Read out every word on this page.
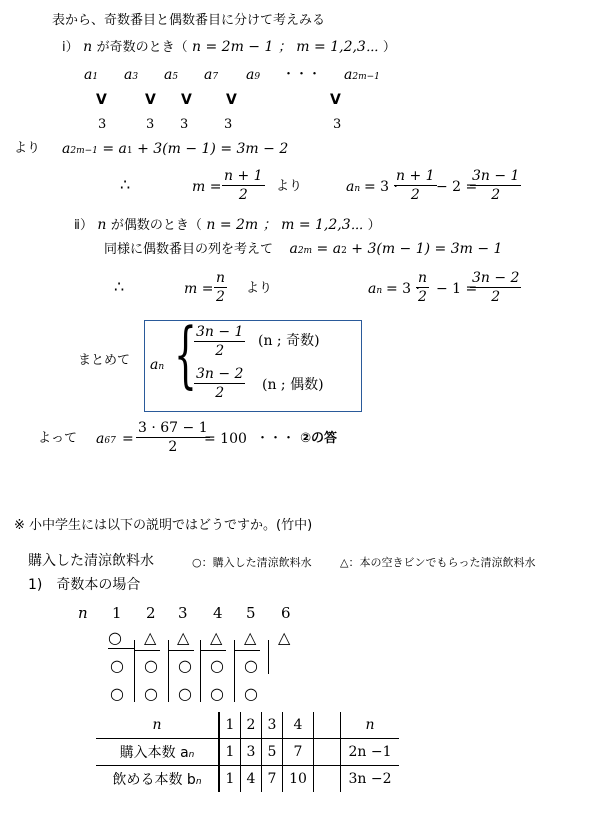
表から、奇数番目と偶数番目に分けて考えみる
ⅰ） n が奇数のとき（ n = 2m − 1 ； m = 1,2,3⋯ ）
a1 a3 a5 a7 a9 ・・・ a2m−1
V	V V V	V
3	3 3	3	3
より a2m−1 = a1 + 3(m − 1) = 3m − 2
∴	$m = \frac{n + 1}{2}$ より	an = 3 ·
$\frac{n + 1}{2} - 2$ =
$\frac{3n - 1}{2}$
ⅱ） n が偶数のとき（ n = 2m ； m = 1,2,3⋯ ）
同様に偶数番目の列を考えて a2m = a2 + 3(m − 1) = 3m − 1
∴	$m = \frac{n}{2}$ より	an = 3 ·
$\frac{n}{2} - 1$ =
$\frac{3n - 2}{2}$
まとめて an {
$\frac{3n - 1}{2} (n$ ; 奇数)
$\frac{3n - 2}{2} (n$ ; 偶数)
よって $a67 = \frac{3 \cdot 67 - 1}{2}$
= 100 ・・・ ②の答
※ 小中学生には以下の説明ではどうですか。(竹中)
購入した清涼飲料水	○：購入した清涼飲料水	△：本の空きビンでもらった清涼飲料水
1)　奇数本の場合
n 1 2 3 4 5 6
○ △ △ △ △ △
○ ○ ○ ○ ○
○ ○ ○ ○ ○
n	1	2	3	4		n
購入本数 an	1	3	5	7		2n −1
飲める本数 bn	1	4	7	10		3n −2
